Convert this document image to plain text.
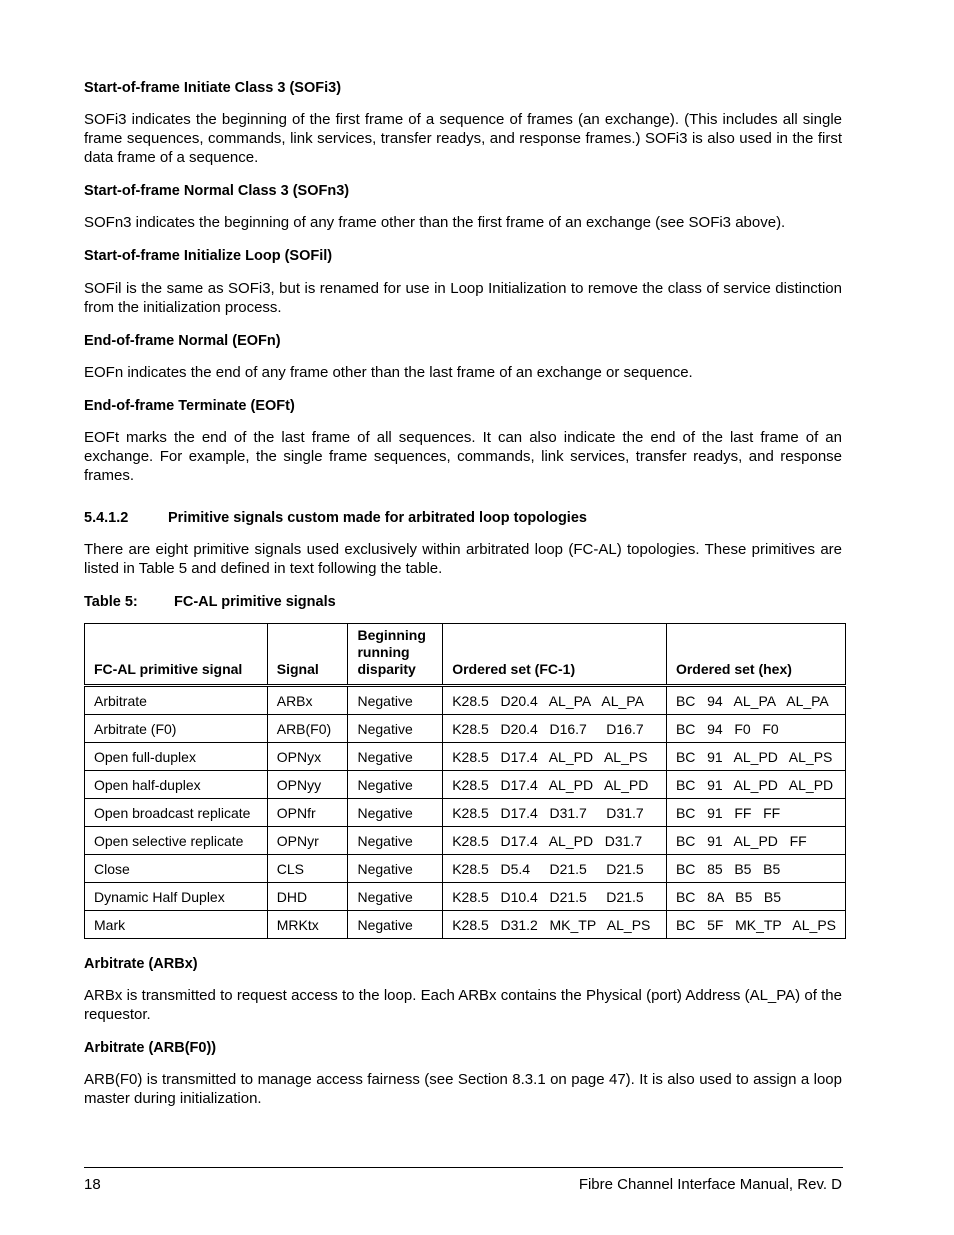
Start-of-frame Initiate Class 3 (SOFi3)
SOFi3 indicates the beginning of the first frame of a sequence of frames (an exchange). (This includes all single frame sequences, commands, link services, transfer readys, and response frames.) SOFi3 is also used in the first data frame of a sequence.
Start-of-frame Normal Class 3 (SOFn3)
SOFn3 indicates the beginning of any frame other than the first frame of an exchange (see SOFi3 above).
Start-of-frame Initialize Loop (SOFil)
SOFil is the same as SOFi3, but is renamed for use in Loop Initialization to remove the class of service distinction from the initialization process.
End-of-frame Normal (EOFn)
EOFn indicates the end of any frame other than the last frame of an exchange or sequence.
End-of-frame Terminate (EOFt)
EOFt marks the end of the last frame of all sequences. It can also indicate the end of the last frame of an exchange. For example, the single frame sequences, commands, link services, transfer readys, and response frames.
5.4.1.2	Primitive signals custom made for arbitrated loop topologies
There are eight primitive signals used exclusively within arbitrated loop (FC-AL) topologies. These primitives are listed in Table 5 and defined in text following the table.
Table 5:	FC-AL primitive signals
FC-AL primitive signal	Signal	Beginning running disparity	Ordered set (FC-1)	Ordered set (hex)
Arbitrate	ARBx	Negative	K28.5   D20.4   AL_PA   AL_PA	BC   94   AL_PA   AL_PA
Arbitrate (F0)	ARB(F0)	Negative	K28.5   D20.4   D16.7     D16.7	BC   94   F0   F0
Open full-duplex	OPNyx	Negative	K28.5   D17.4   AL_PD   AL_PS	BC   91   AL_PD   AL_PS
Open half-duplex	OPNyy	Negative	K28.5   D17.4   AL_PD   AL_PD	BC   91   AL_PD   AL_PD
Open broadcast replicate	OPNfr	Negative	K28.5   D17.4   D31.7     D31.7	BC   91   FF   FF
Open selective replicate	OPNyr	Negative	K28.5   D17.4   AL_PD   D31.7	BC   91   AL_PD   FF
Close	CLS	Negative	K28.5   D5.4     D21.5     D21.5	BC   85   B5   B5
Dynamic Half Duplex	DHD	Negative	K28.5   D10.4   D21.5     D21.5	BC   8A   B5   B5
Mark	MRKtx	Negative	K28.5   D31.2   MK_TP   AL_PS	BC   5F   MK_TP   AL_PS
Arbitrate (ARBx)
ARBx is transmitted to request access to the loop. Each ARBx contains the Physical (port) Address (AL_PA) of the requestor.
Arbitrate (ARB(F0))
ARB(F0) is transmitted to manage access fairness (see Section 8.3.1 on page 47). It is also used to assign a loop master during initialization.
18	Fibre Channel Interface Manual, Rev. D
